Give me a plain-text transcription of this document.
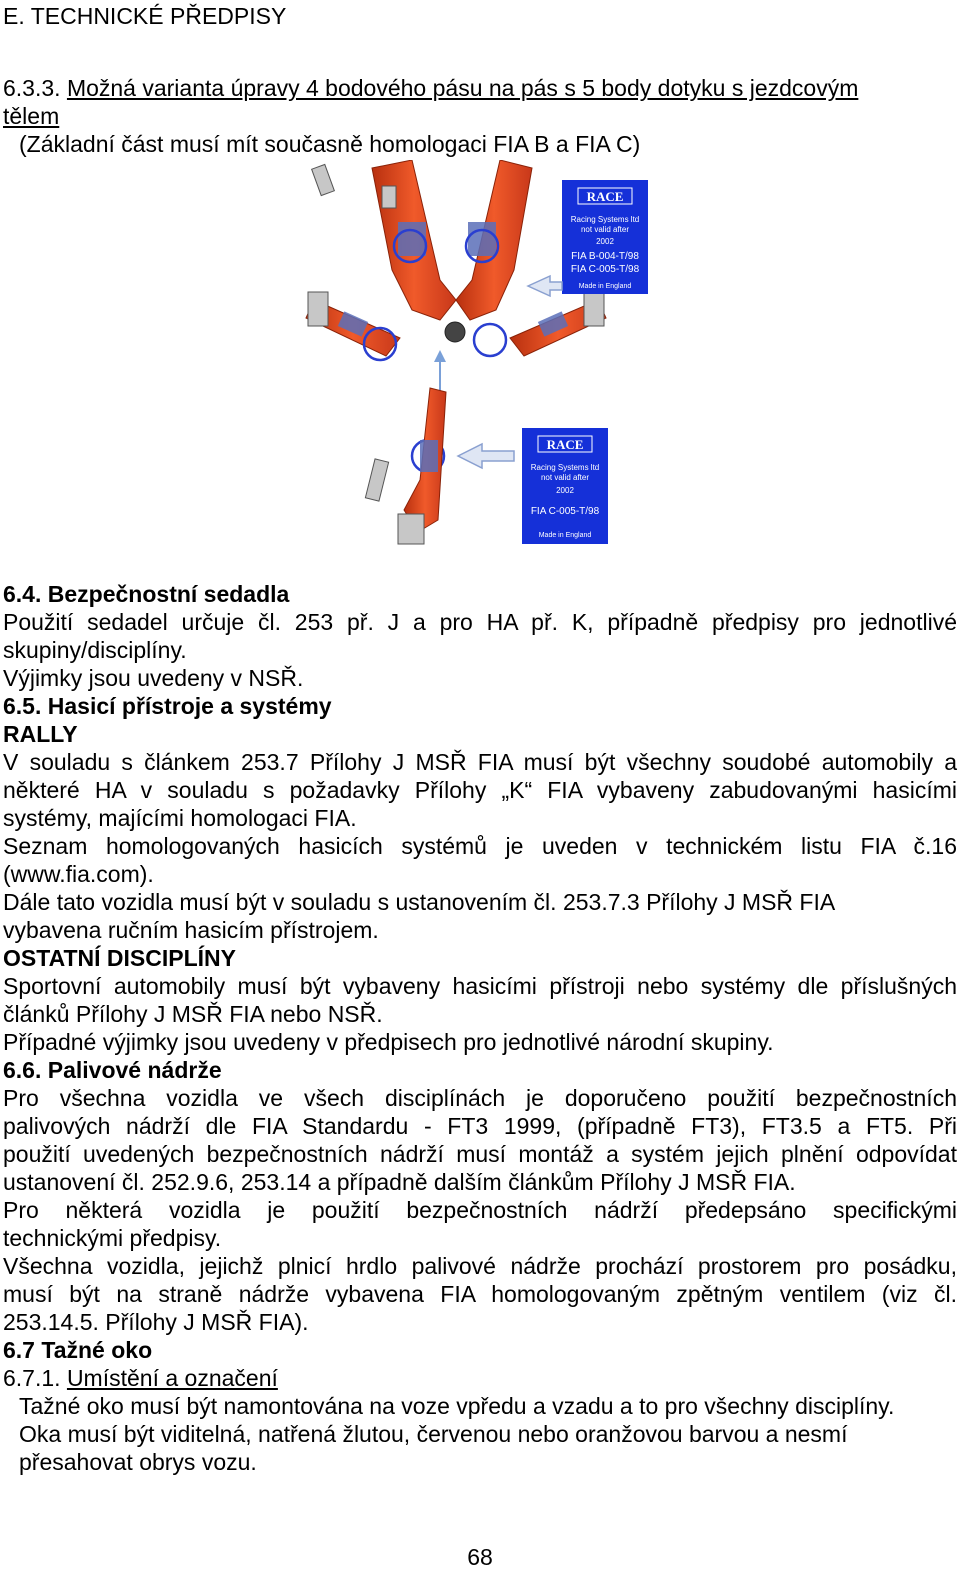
E. TECHNICKÉ PŘEDPISY
6.3.3. Možná varianta úpravy 4 bodového pásu na pás s 5 body dotyku s jezdcovým
tělem
(Základní část musí mít současně homologaci FIA B a FIA C)
6.4. Bezpečnostní sedadla
Použití sedadel určuje čl. 253 př. J a pro HA př. K, případně předpisy pro jednotlivé
skupiny/disciplíny.
Výjimky jsou uvedeny v NSŘ.
6.5. Hasicí přístroje a systémy
RALLY
V souladu s článkem 253.7 Přílohy J MSŘ FIA musí být všechny soudobé automobily a
některé HA v souladu s požadavky Přílohy „K“ FIA vybaveny zabudovanými hasicími
systémy, majícími homologaci FIA.
Seznam homologovaných hasicích systémů je uveden v technickém listu FIA č.16
(www.fia.com).
Dále tato vozidla musí být v souladu s ustanovením čl. 253.7.3 Přílohy J MSŘ FIA
vybavena ručním hasicím přístrojem.
OSTATNÍ DISCIPLÍNY
Sportovní automobily musí být vybaveny hasicími přístroji nebo systémy dle příslušných
článků Přílohy J MSŘ FIA nebo NSŘ.
Případné výjimky jsou uvedeny v předpisech pro jednotlivé národní skupiny.
6.6. Palivové nádrže
Pro všechna vozidla ve všech disciplínách je doporučeno použití bezpečnostních
palivových nádrží dle FIA Standardu - FT3 1999, (případně FT3), FT3.5 a FT5. Při
použití uvedených bezpečnostních nádrží musí montáž a systém jejich plnění odpovídat
ustanovení čl. 252.9.6, 253.14 a případně dalším článkům Přílohy J MSŘ FIA.
Pro některá vozidla je použití bezpečnostních nádrží předepsáno specifickými
technickými předpisy.
Všechna vozidla, jejichž plnicí hrdlo palivové nádrže prochází prostorem pro posádku,
musí být na straně nádrže vybavena FIA homologovaným zpětným ventilem (viz čl.
253.14.5. Přílohy J MSŘ FIA).
6.7 Tažné oko
6.7.1. Umístění a označení
Tažné oko musí být namontována na voze vpředu a vzadu a to pro všechny disciplíny.
Oka musí být viditelná, natřená žlutou, červenou nebo oranžovou barvou a nesmí
přesahovat obrys vozu.
RACE
Racing Systems ltd
not valid after
2002
FIA B-004-T/98
FIA C-005-T/98
Made in England
RACE
Racing Systems ltd
not valid after
2002
FIA C-005-T/98
Made in England
68
